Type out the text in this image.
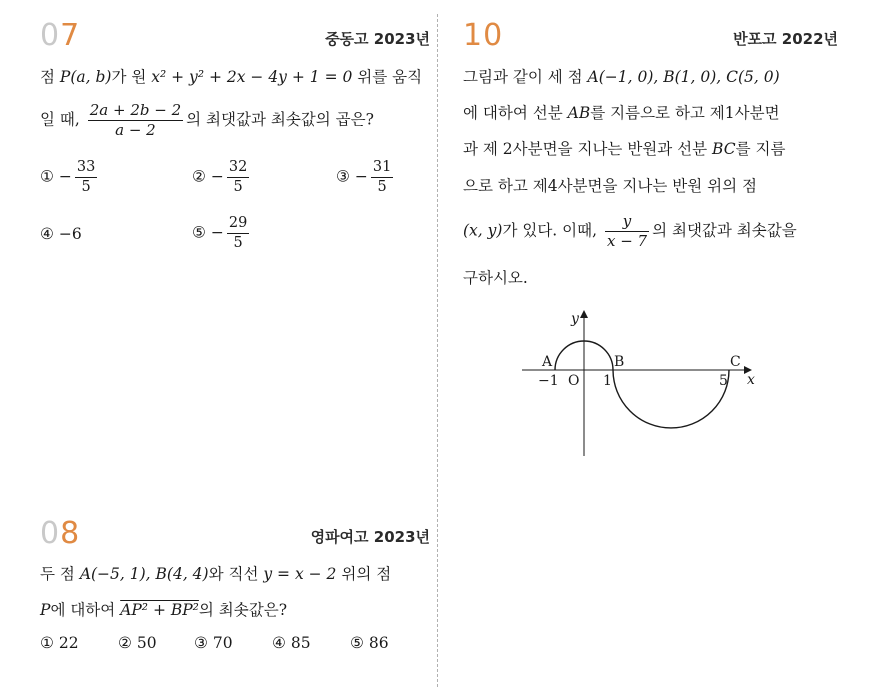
07	중동고 2023년
점 P(a, b)가 원 x² + y² + 2x − 4y + 1 = 0 위를 움직
일 때, $\frac{2a + 2b - 2}{a - 2}$ 의 최댓값과 최솟값의 곱은?
① − $\frac{33}{5}$	② − $\frac{32}{5}$	③ − $\frac{31}{5}$
④ −6	⑤ − $\frac{29}{5}$
08	영파여고 2023년
두 점 A(−5, 1), B(4, 4)와 직선 y = x − 2 위의 점
P에 대하여 AP² + BP²의 최솟값은?
① 22	② 50 ③ 70	④ 85	⑤ 86
10	반포고 2022년
그림과 같이 세 점 A(−1, 0), B(1, 0), C(5, 0)
에 대하여 선분 AB를 지름으로 하고 제1사분면
과 제 2사분면을 지나는 반원과 선분 BC를 지름
으로 하고 제4사분면을 지나는 반원 위의 점
(x, y)가 있다. 이때, $\frac{y}{x - 7}$ 의 최댓값과 최솟값을
구하시오.
y
x
O
A	B	C
−1	1	5
